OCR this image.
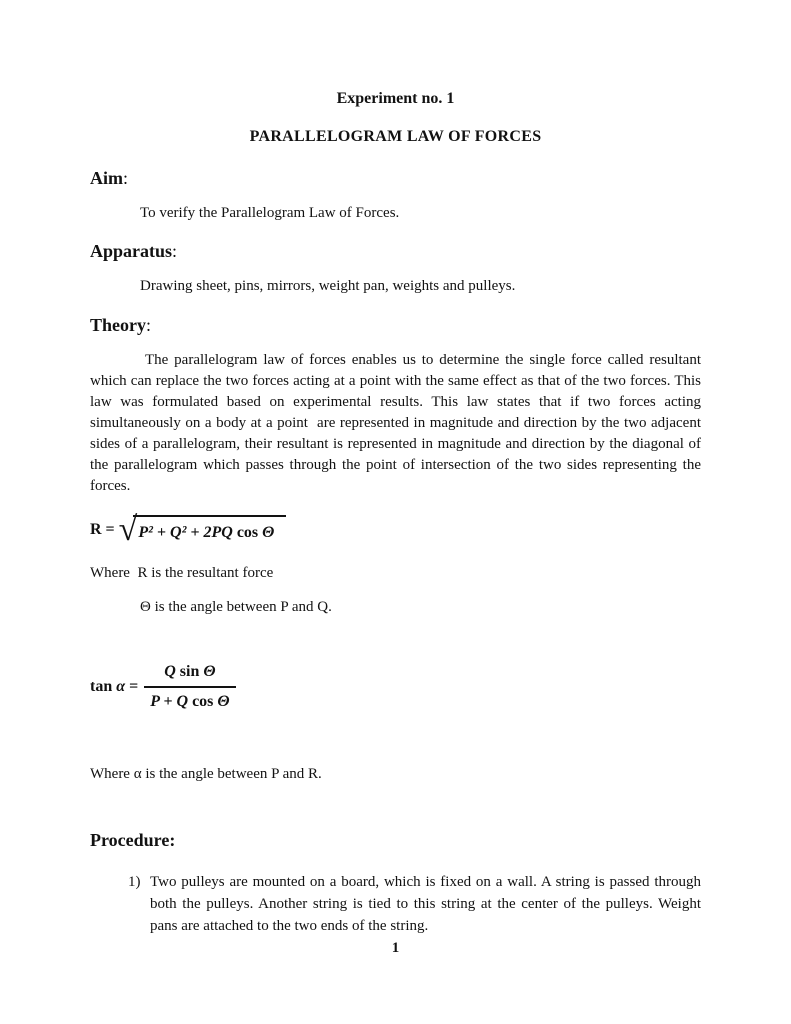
Experiment no. 1
PARALLELOGRAM LAW OF FORCES
Aim:

To verify the Parallelogram Law of Forces.

Apparatus:

Drawing sheet, pins, mirrors, weight pan, weights and pulleys.

Theory:

The parallelogram law of forces enables us to determine the single force called resultant which can replace the two forces acting at a point with the same effect as that of the two forces. This law was formulated based on experimental results. This law states that if two forces acting simultaneously on a body at a point  are represented in magnitude and direction by the two adjacent sides of a parallelogram, their resultant is represented in magnitude and direction by the diagonal of the parallelogram which passes through the point of intersection of the two sides representing the forces.

R = √ P² + Q² + 2PQ cos Θ

Where  R is the resultant force

Θ is the angle between P and Q.

$\tan \alpha = \frac{\text{Q sin Θ}}{\text{P + Q cos Θ}}$

Where α is the angle between P and R.

Procedure:
1) Two pulleys are mounted on a board, which is fixed on a wall. A string is passed through both the pulleys. Another string is tied to this string at the center of the pulleys. Weight pans are attached to the two ends of the string.
1
